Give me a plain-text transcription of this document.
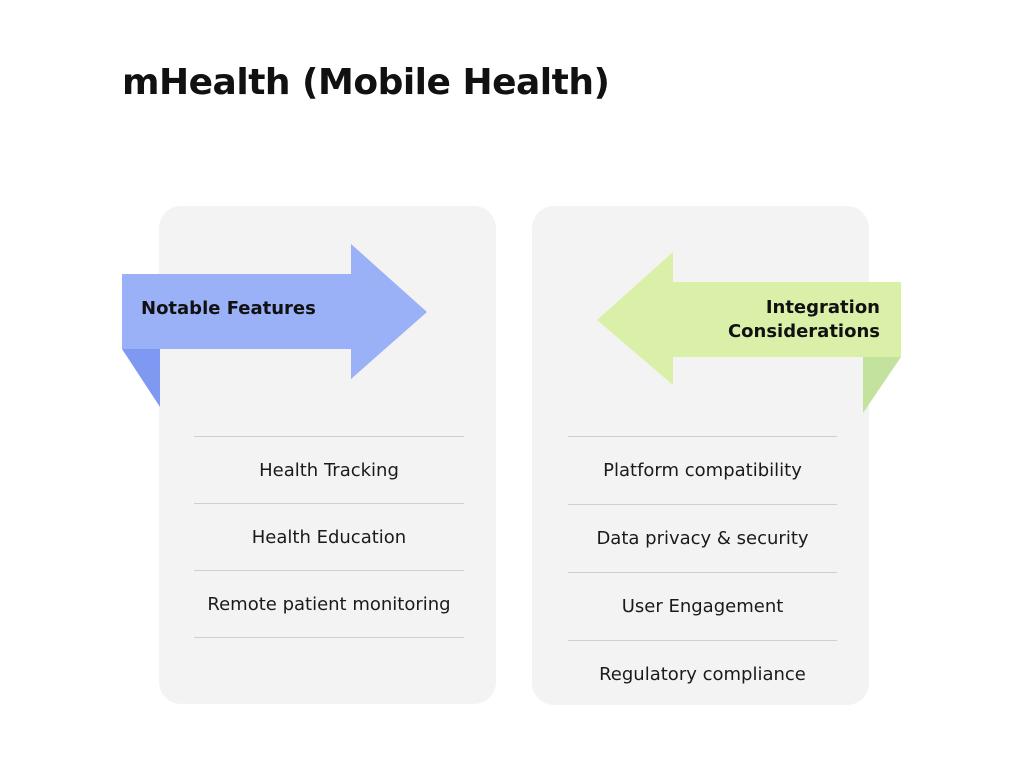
mHealth (Mobile Health)
Notable Features
Health Tracking
Health Education
Remote patient monitoring
Integration
Considerations
Platform compatibility
Data privacy & security
User Engagement
Regulatory compliance
